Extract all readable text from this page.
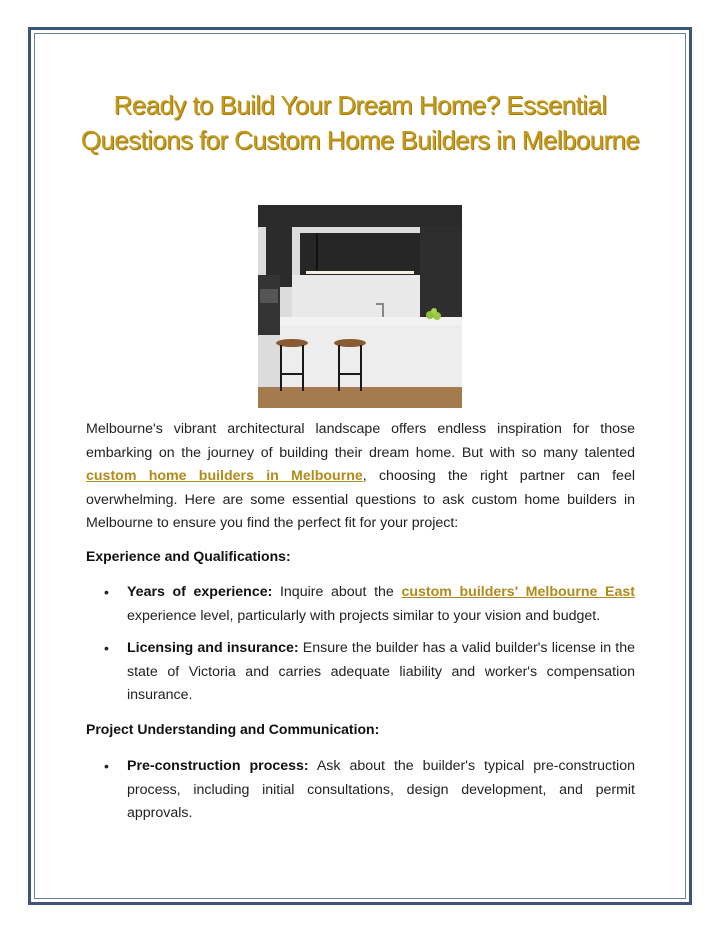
Ready to Build Your Dream Home? Essential Questions for Custom Home Builders in Melbourne

Melbourne's vibrant architectural landscape offers endless inspiration for those embarking on the journey of building their dream home. But with so many talented custom home builders in Melbourne, choosing the right partner can feel overwhelming. Here are some essential questions to ask custom home builders in Melbourne to ensure you find the perfect fit for your project:

Experience and Qualifications:

• Years of experience: Inquire about the custom builders' Melbourne East experience level, particularly with projects similar to your vision and budget.

• Licensing and insurance: Ensure the builder has a valid builder's license in the state of Victoria and carries adequate liability and worker's compensation insurance.

Project Understanding and Communication:

• Pre-construction process: Ask about the builder's typical pre-construction process, including initial consultations, design development, and permit approvals.
